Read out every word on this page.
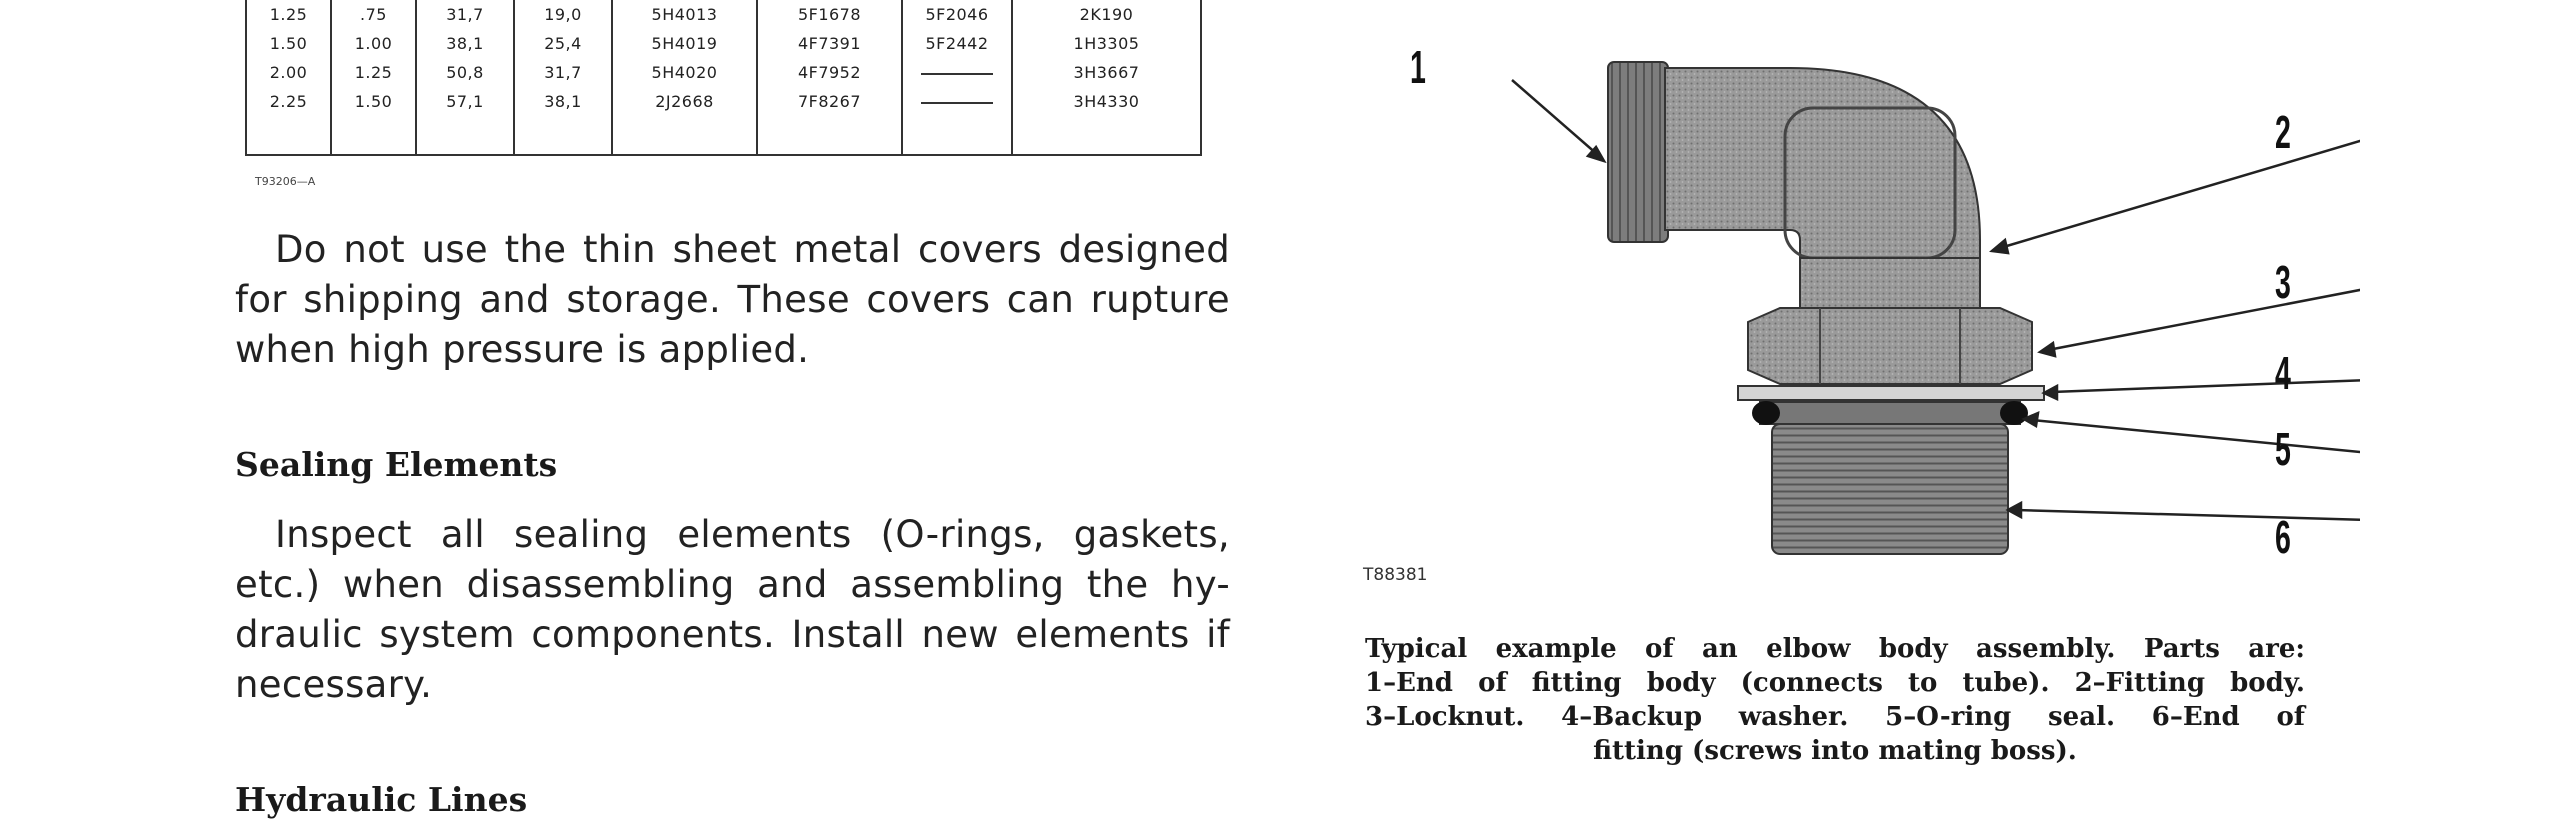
1.25	.75	31,7	19,0	5H4013	5F1678	5F2046	2K190
1.50	1.00	38,1	25,4	5H4019	4F7391	5F2442	1H3305
2.00	1.25	50,8	31,7	5H4020	4F7952		3H3667
2.25	1.50	57,1	38,1	2J2668	7F8267		3H4330

T93206—A
Do not use the thin sheet metal covers designed
for shipping and storage. These covers can rupture
when high pressure is applied.
Sealing Elements
Inspect all sealing elements (O-rings, gaskets,
etc.) when disassembling and assembling the hy-
draulic system components. Install new elements if
necessary.
Hydraulic Lines
1
2
3
4
5
6
T88381
Typical example of an elbow body assembly. Parts are:
1–End of fitting body (connects to tube). 2–Fitting body.
3–Locknut. 4–Backup washer. 5–O-ring seal. 6–End of
fitting (screws into mating boss).
